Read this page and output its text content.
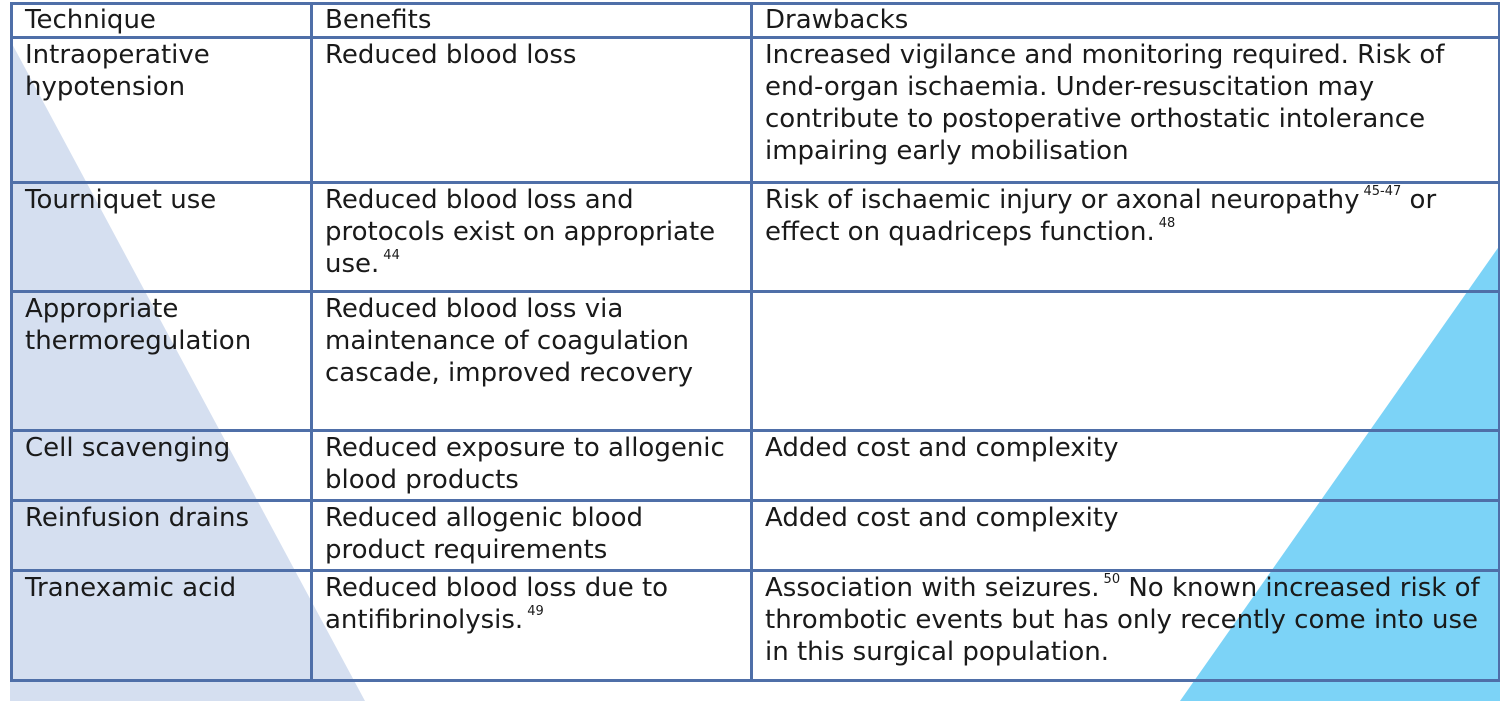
Technique	Benefits	Drawbacks
Intraoperative hypotension	Reduced blood loss	Increased vigilance and monitoring required. Risk of end-organ ischaemia. Under-resuscitation may contribute to postoperative orthostatic intolerance impairing early mobilisation
Tourniquet use	Reduced blood loss and protocols exist on appropriate use. $^{44}$	Risk of ischaemic injury or axonal neuropathy $^{45-47}$ or effect on quadriceps function. $^{48}$
Appropriate thermoregulation	Reduced blood loss via maintenance of coagulation cascade, improved recovery	
Cell scavenging	Reduced exposure to allogenic blood products	Added cost and complexity
Reinfusion drains	Reduced allogenic blood product requirements	Added cost and complexity
Tranexamic acid	Reduced blood loss due to antifibrinolysis. $^{49}$	Association with seizures. $^{50}$ No known increased risk of thrombotic events but has only recently come into use in this surgical population.
